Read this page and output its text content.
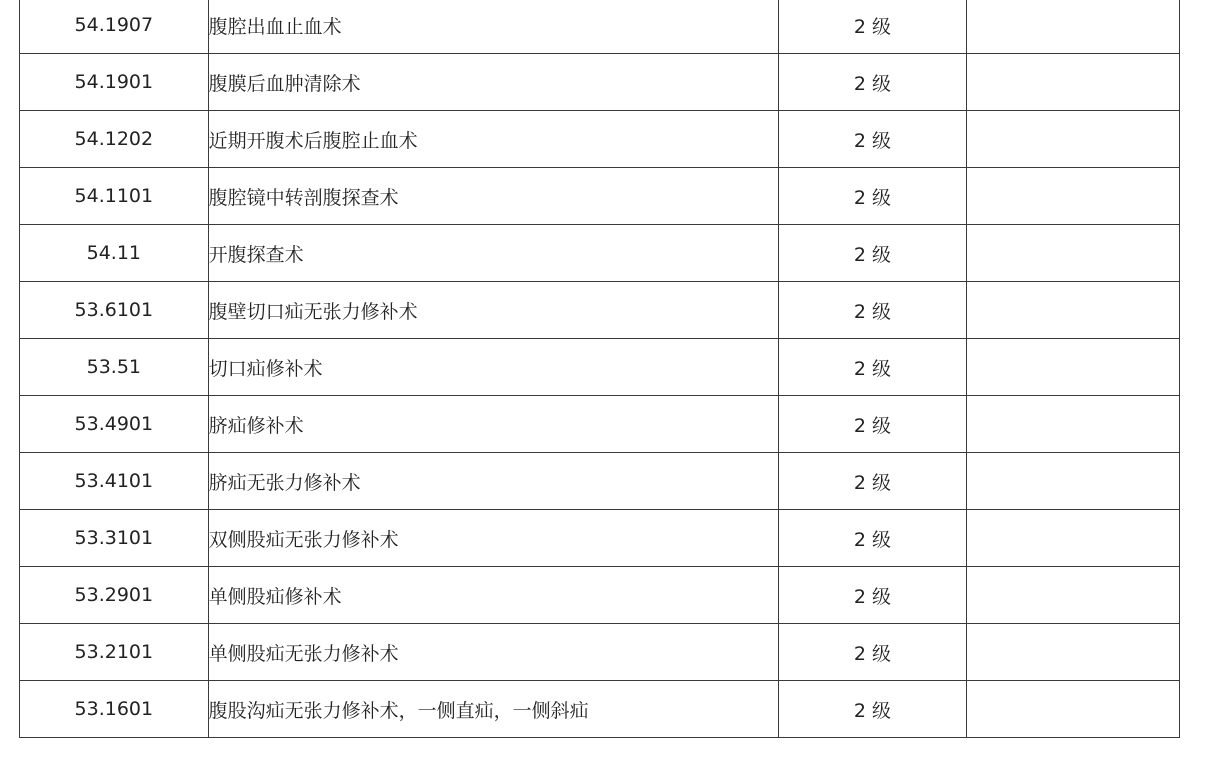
54.1907	腹腔出血止血术	2 级	
54.1901	腹膜后血肿清除术	2 级	
54.1202	近期开腹术后腹腔止血术	2 级	
54.1101	腹腔镜中转剖腹探查术	2 级	
54.11	开腹探查术	2 级	
53.6101	腹壁切口疝无张力修补术	2 级	
53.51	切口疝修补术	2 级	
53.4901	脐疝修补术	2 级	
53.4101	脐疝无张力修补术	2 级	
53.3101	双侧股疝无张力修补术	2 级	
53.2901	单侧股疝修补术	2 级	
53.2101	单侧股疝无张力修补术	2 级	
53.1601	腹股沟疝无张力修补术，一侧直疝，一侧斜疝	2 级	
